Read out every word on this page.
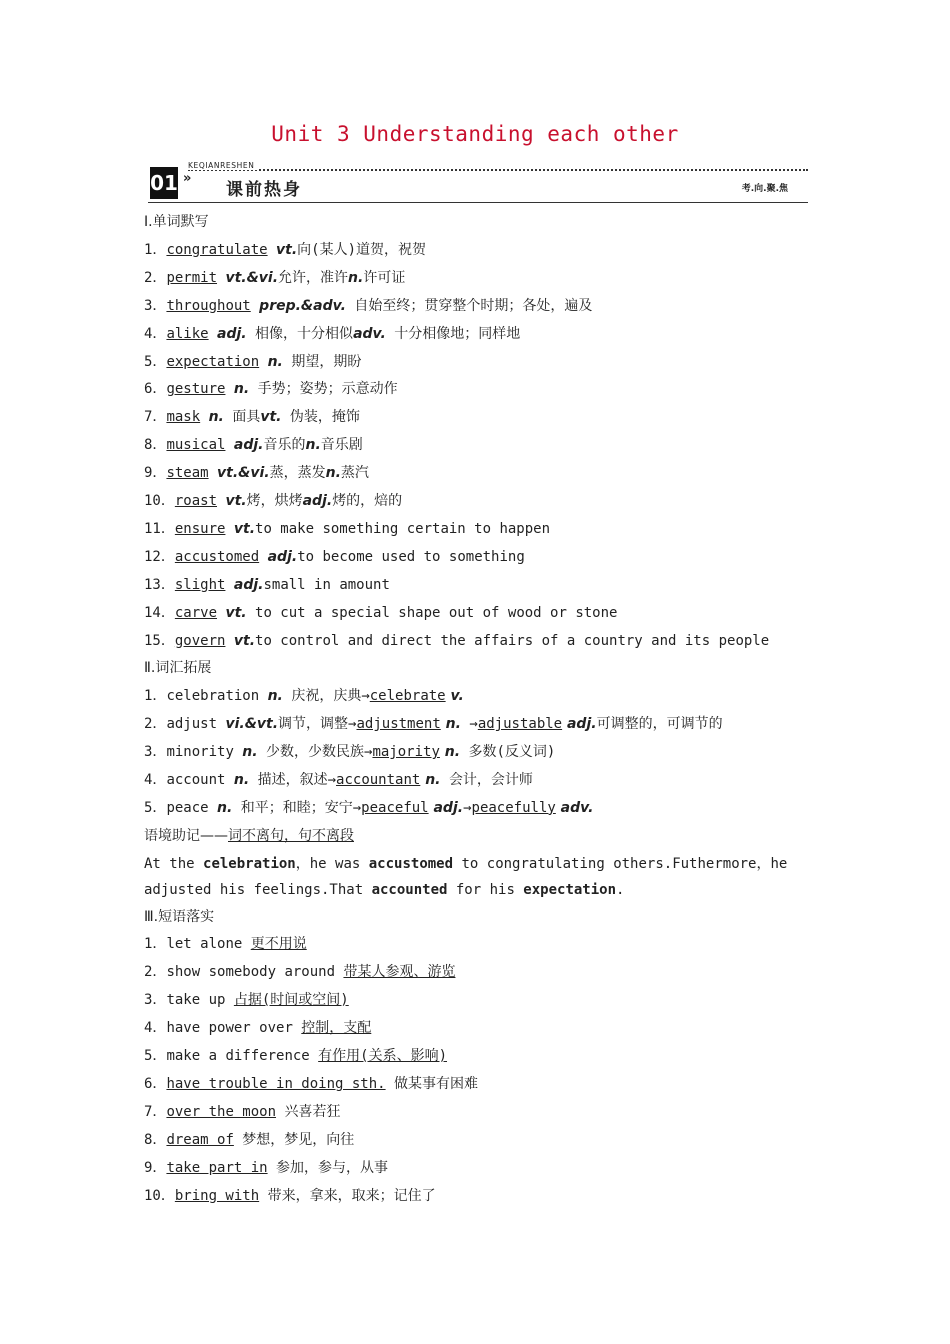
Unit 3 Understanding each other
KEQIANRESHEN
01 »
课前热身	考.向.聚.焦
Ⅰ.单词默写
1．congratulate vt.向(某人)道贺，祝贺
2．permit vt.&vi.允许，准许n.许可证
3．throughout prep.&adv. 自始至终；贯穿整个时期；各处，遍及
4．alike adj. 相像，十分相似adv. 十分相像地；同样地
5．expectation n. 期望，期盼
6．gesture n. 手势；姿势；示意动作
7．mask n. 面具vt. 伪装，掩饰
8．musical adj.音乐的n.音乐剧
9．steam vt.&vi.蒸，蒸发n.蒸汽
10．roast vt.烤，烘烤adj.烤的，焙的
11．ensure vt.to make something certain to happen
12．accustomed adj.to become used to something
13．slight adj.small in amount
14．carve vt. to cut a special shape out of wood or stone
15．govern vt.to control and direct the affairs of a country and its people
Ⅱ.词汇拓展
1．celebration n. 庆祝，庆典→celebrate v.
2．adjust vi.&vt.调节，调整→adjustment n. →adjustable adj.可调整的，可调节的
3．minority n. 少数，少数民族→majority n. 多数(反义词)
4．account n. 描述，叙述→accountant n. 会计，会计师
5．peace n. 和平；和睦；安宁→peaceful adj.→peacefully adv.
语境助记——词不离句，句不离段
At the celebration，he was accustomed to congratulating others.Futhermore，he
adjusted his feelings.That accounted for his expectation.
Ⅲ.短语落实
1．let alone 更不用说
2．show somebody around 带某人参观、游览
3．take up 占据(时间或空间)
4．have power over 控制，支配
5．make a difference 有作用(关系、影响)
6．have trouble in doing sth. 做某事有困难
7．over the moon 兴喜若狂
8．dream of 梦想，梦见，向往
9．take part in 参加，参与，从事
10．bring with 带来，拿来，取来；记住了
